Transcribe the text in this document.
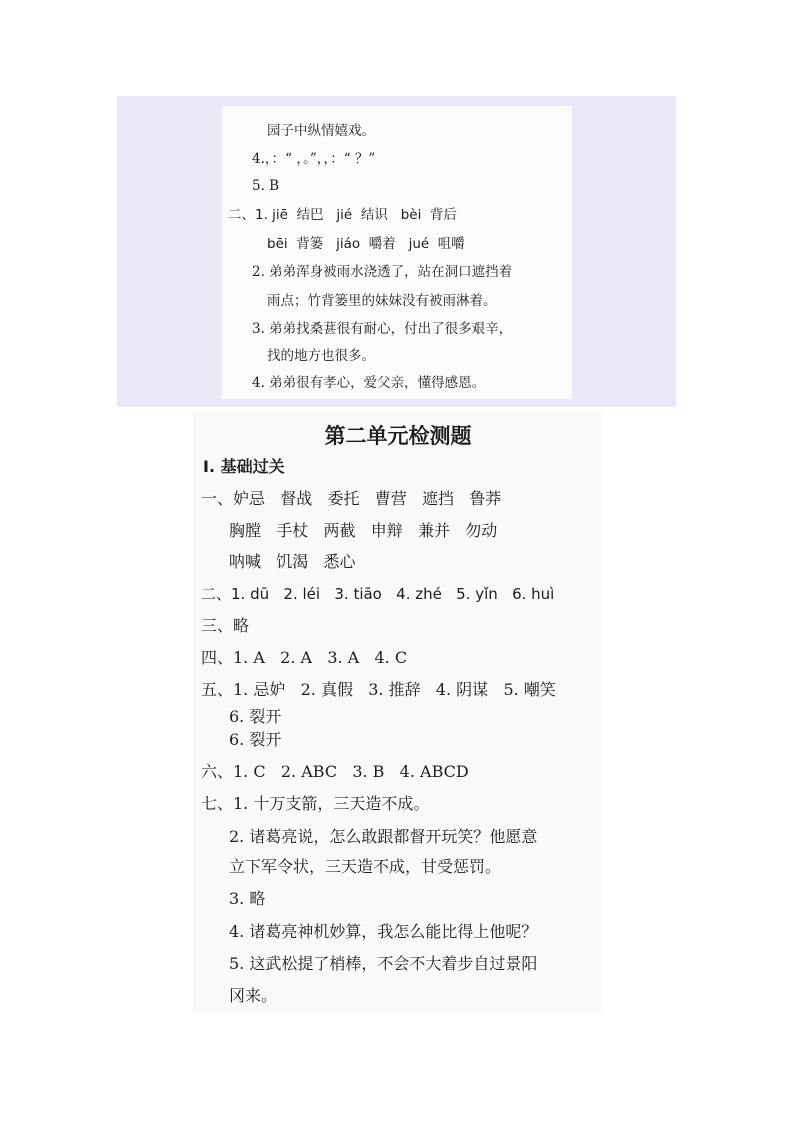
园子中纵情嬉戏。
4.，：“ ，。”，，：“ ？”
5. B
二、1. jiē  结巴   jié  结识   bèi  背后
bēi  背篓   jiáo  嚼着   jué  咀嚼
2. 弟弟浑身被雨水浇透了，站在洞口遮挡着
雨点；竹背篓里的妹妹没有被雨淋着。
3. 弟弟找桑葚很有耐心，付出了很多艰辛，
找的地方也很多。
4. 弟弟很有孝心，爱父亲，懂得感恩。
第二单元检测题
Ⅰ. 基础过关
一、妒忌   督战   委托   曹营   遮挡   鲁莽
胸膛   手杖   两截   申辩   兼并   勿动
呐喊   饥渴   悉心
二、1. dū   2. léi   3. tiāo   4. zhé   5. yǐn   6. huì
三、略
四、1. A   2. A   3. A   4. C
五、1. 忌妒   2. 真假   3. 推辞   4. 阴谋   5. 嘲笑
6. 裂开
6. 裂开
六、1. C   2. ABC   3. B   4. ABCD
七、1. 十万支箭，三天造不成。
2. 诸葛亮说，怎么敢跟都督开玩笑？他愿意
立下军令状，三天造不成，甘受惩罚。
3. 略
4. 诸葛亮神机妙算，我怎么能比得上他呢？
5. 这武松提了梢棒，不会不大着步自过景阳
冈来。
